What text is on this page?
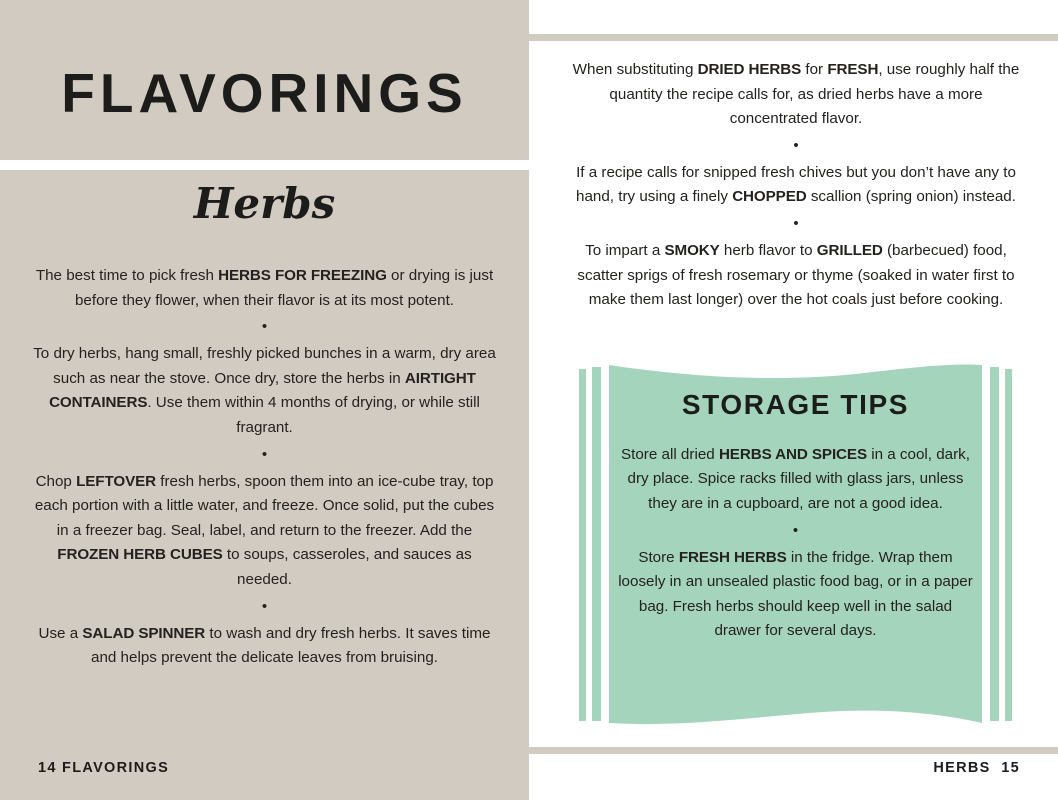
FLAVORINGS
Herbs

The best time to pick fresh HERBS FOR FREEZING or drying is just before they flower, when their flavor is at its most potent.

•

To dry herbs, hang small, freshly picked bunches in a warm, dry area such as near the stove. Once dry, store the herbs in AIRTIGHT CONTAINERS. Use them within 4 months of drying, or while still fragrant.

•

Chop LEFTOVER fresh herbs, spoon them into an ice-cube tray, top each portion with a little water, and freeze. Once solid, put the cubes in a freezer bag. Seal, label, and return to the freezer. Add the FROZEN HERB CUBES to soups, casseroles, and sauces as needed.

•

Use a SALAD SPINNER to wash and dry fresh herbs. It saves time and helps prevent the delicate leaves from bruising.

14 FLAVORINGS

When substituting DRIED HERBS for FRESH, use roughly half the quantity the recipe calls for, as dried herbs have a more concentrated flavor.

•

If a recipe calls for snipped fresh chives but you don’t have any to hand, try using a finely CHOPPED scallion (spring onion) instead.

•

To impart a SMOKY herb flavor to GRILLED (barbecued) food, scatter sprigs of fresh rosemary or thyme (soaked in water first to make them last longer) over the hot coals just before cooking.

STORAGE TIPS

Store all dried HERBS AND SPICES in a cool, dark, dry place. Spice racks filled with glass jars, unless they are in a cupboard, are not a good idea.

•

Store FRESH HERBS in the fridge. Wrap them loosely in an unsealed plastic food bag, or in a paper bag. Fresh herbs should keep well in the salad drawer for several days.

HERBS  15
